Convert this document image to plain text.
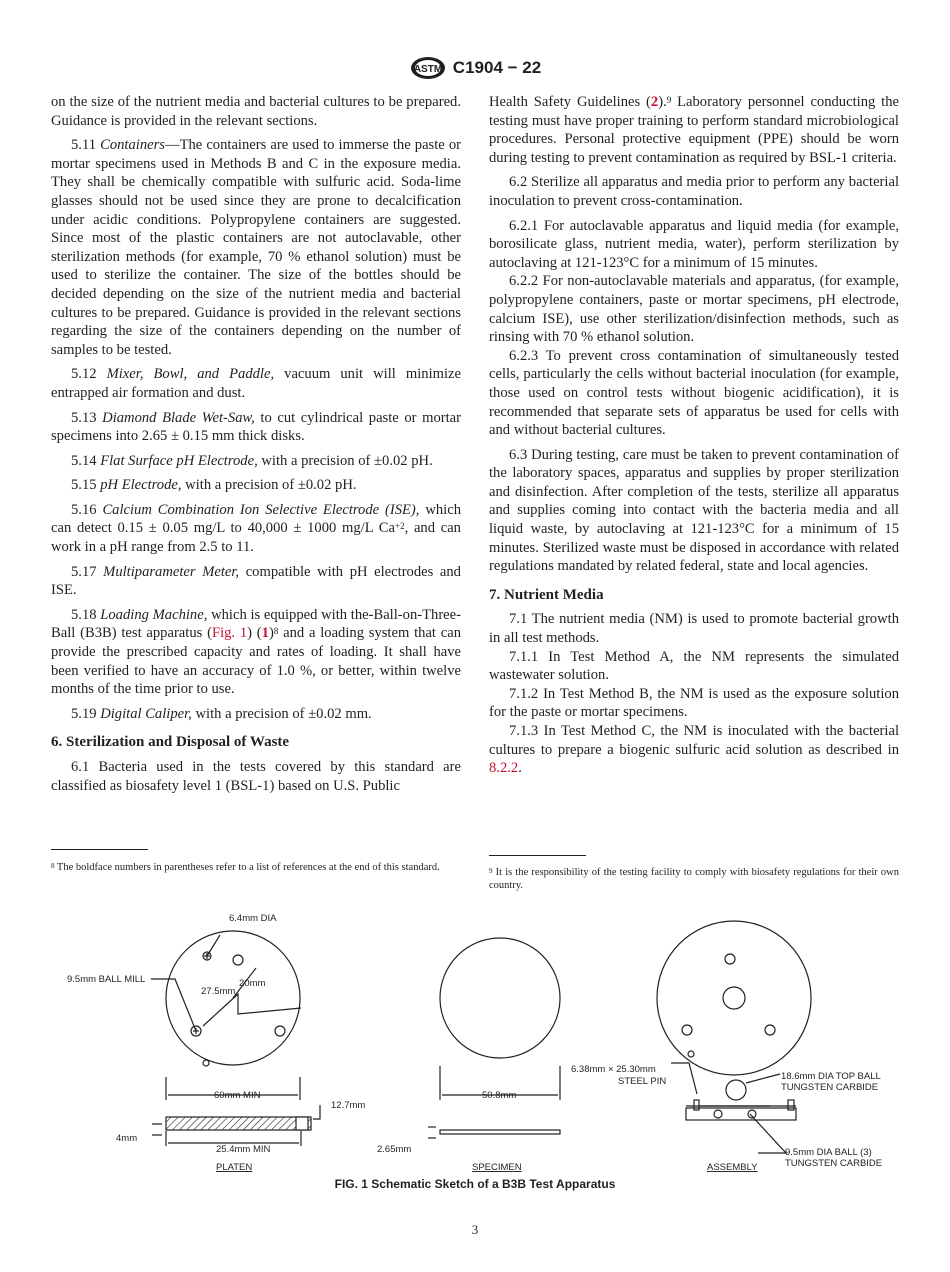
ASTM C1904 − 22

on the size of the nutrient media and bacterial cultures to be prepared. Guidance is provided in the relevant sections.

5.11 Containers—The containers are used to immerse the paste or mortar specimens used in Methods B and C in the exposure media. They shall be chemically compatible with sulfuric acid. Soda-lime glasses should not be used since they are prone to decalcification under acidic conditions. Polypropylene containers are suggested. Since most of the plastic containers are not autoclavable, other sterilization methods (for example, 70 % ethanol solution) must be used to sterilize the container. The size of the bottles should be decided depending on the size of the nutrient media and bacterial cultures to be prepared. Guidance is provided in the relevant sections regarding the size of the containers depending on the number of samples to be tested.

5.12 Mixer, Bowl, and Paddle, vacuum unit will minimize entrapped air formation and dust.

5.13 Diamond Blade Wet-Saw, to cut cylindrical paste or mortar specimens into 2.65 ± 0.15 mm thick disks.

5.14 Flat Surface pH Electrode, with a precision of ±0.02 pH.

5.15 pH Electrode, with a precision of ±0.02 pH.

5.16 Calcium Combination Ion Selective Electrode (ISE), which can detect 0.15 ± 0.05 mg/L to 40,000 ± 1000 mg/L $Ca^{+2}$, and can work in a pH range from 2.5 to 11.

5.17 Multiparameter Meter, compatible with pH electrodes and ISE.

5.18 Loading Machine, which is equipped with the-Ball-on-Three-Ball (B3B) test apparatus (Fig. 1) $(1)^8$ and a loading system that can provide the prescribed capacity and rates of loading. It shall have been verified to have an accuracy of 1.0 %, or better, within twelve months of the time prior to use.

5.19 Digital Caliper, with a precision of ±0.02 mm.

6. Sterilization and Disposal of Waste

6.1 Bacteria used in the tests covered by this standard are classified as biosafety level 1 (BSL-1) based on U.S. Public

Health Safety Guidelines (2).$^9$ Laboratory personnel conducting the testing must have proper training to perform standard microbiological procedures. Personal protective equipment (PPE) should be worn during testing to prevent contamination as required by BSL-1 criteria.

6.2 Sterilize all apparatus and media prior to perform any bacterial inoculation to prevent cross-contamination.

6.2.1 For autoclavable apparatus and liquid media (for example, borosilicate glass, nutrient media, water), perform sterilization by autoclaving at 121-123°C for a minimum of 15 minutes.

6.2.2 For non-autoclavable materials and apparatus, (for example, polypropylene containers, paste or mortar specimens, pH electrode, calcium ISE), use other sterilization/disinfection methods, such as rinsing with 70 % ethanol solution.

6.2.3 To prevent cross contamination of simultaneously tested cells, particularly the cells without bacterial inoculation (for example, those used on control tests without biogenic acidification), it is recommended that separate sets of apparatus be used for cells with and without bacterial cultures.

6.3 During testing, care must be taken to prevent contamination of the laboratory spaces, apparatus and supplies by proper sterilization and disinfection. After completion of the tests, sterilize all apparatus and supplies coming into contact with the bacteria media and all liquid waste, by autoclaving at 121-123°C for a minimum of 15 minutes. Sterilized waste must be disposed in accordance with related regulations mandated by related federal, state and local agencies.

7. Nutrient Media

7.1 The nutrient media (NM) is used to promote bacterial growth in all test methods.

7.1.1 In Test Method A, the NM represents the simulated wastewater solution.

7.1.2 In Test Method B, the NM is used as the exposure solution for the paste or mortar specimens.

7.1.3 In Test Method C, the NM is inoculated with the bacterial cultures to prepare a biogenic sulfuric acid solution as described in 8.2.2.

$^8$ The boldface numbers in parentheses refer to a list of references at the end of this standard.	$^9$ It is the responsibility of the testing facility to comply with biosafety regulations for their own country.
6.4mm DIA
9.5mm BALL MILL
27.5mm
20mm
60mm MIN
12.7mm
4mm
25.4mm MIN
50.8mm
2.65mm
6.38mm × 25.30mm
STEEL PIN	18.6mm DIA TOP BALL
TUNGSTEN CARBIDE
9.5mm DIA BALL (3)
TUNGSTEN CARBIDE
PLATEN	SPECIMEN	ASSEMBLY
FIG. 1 Schematic Sketch of a B3B Test Apparatus
3
